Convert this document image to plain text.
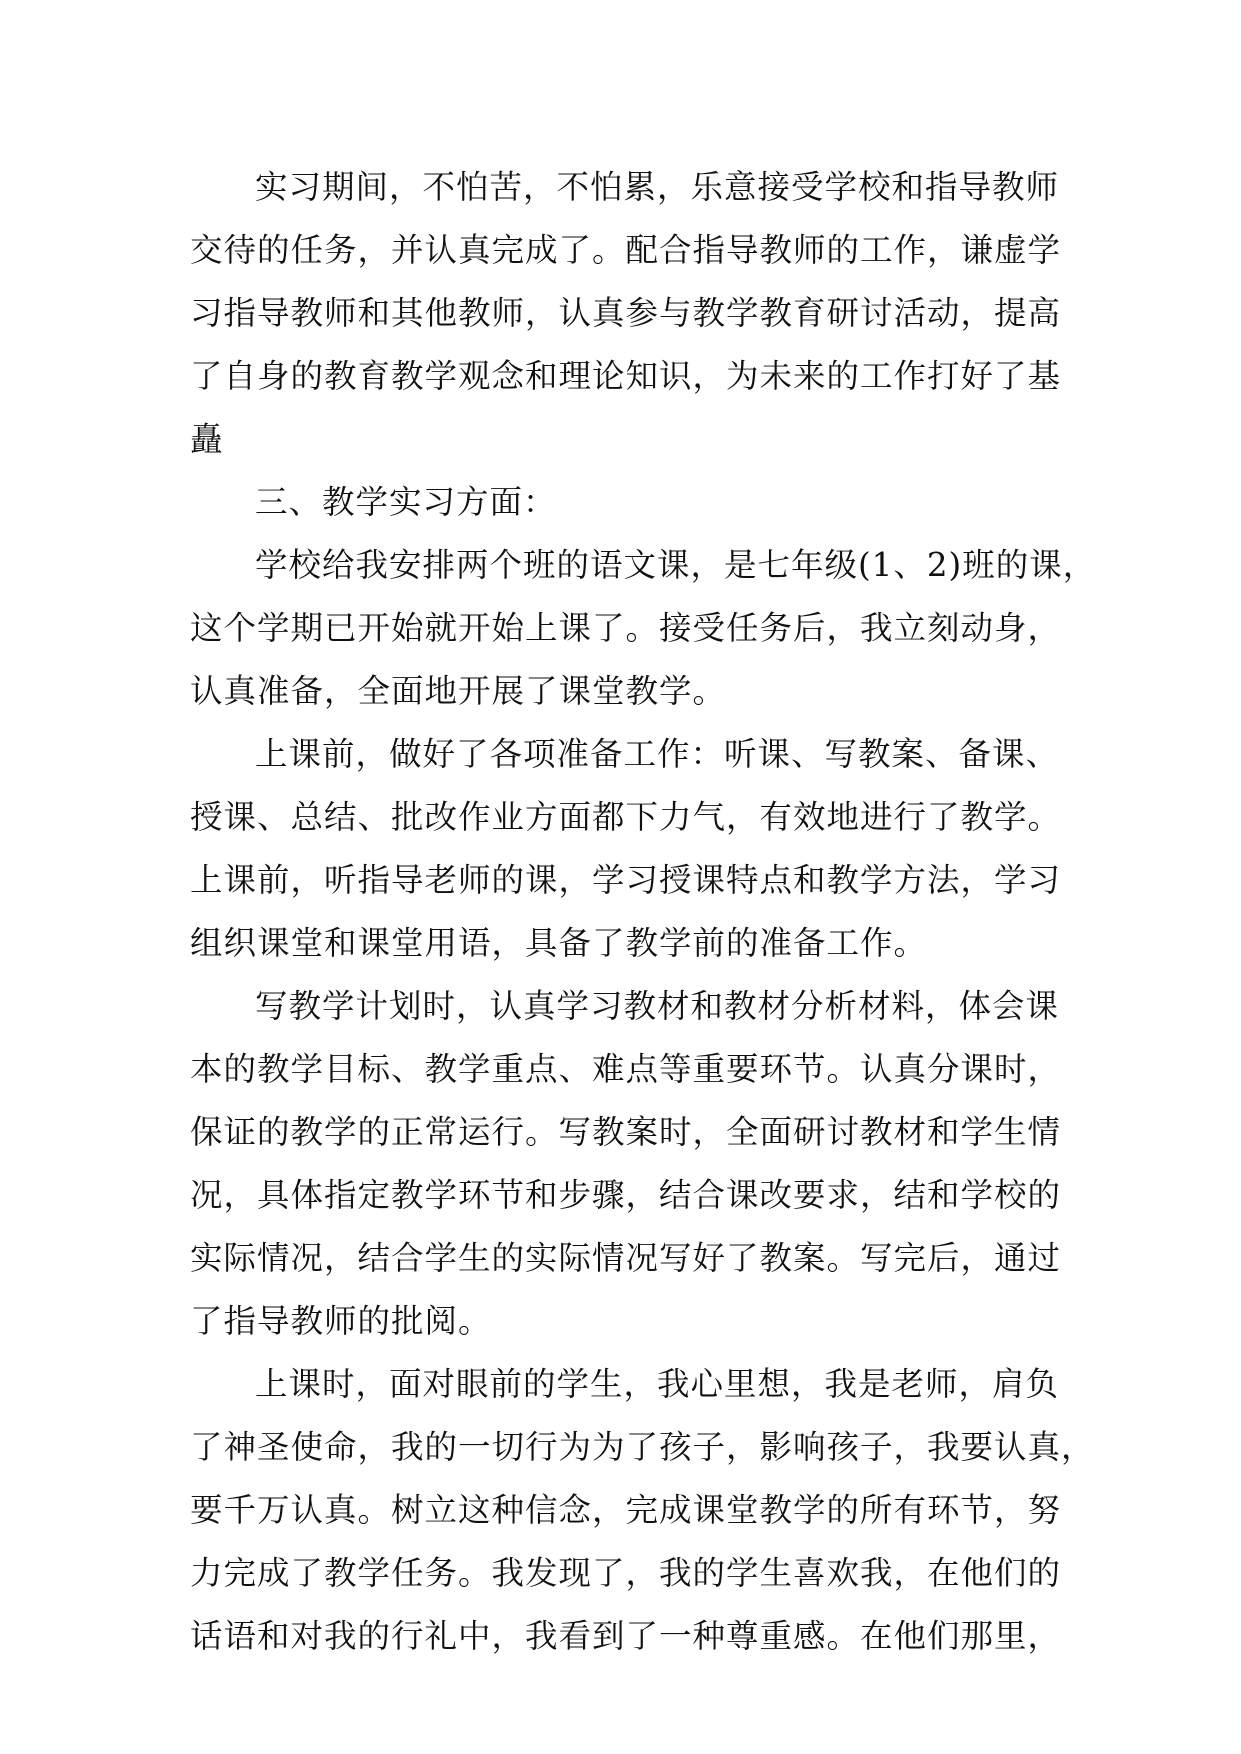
实习期间，不怕苦，不怕累，乐意接受学校和指导教师
交待的任务，并认真完成了。配合指导教师的工作，谦虚学
习指导教师和其他教师，认真参与教学教育研讨活动，提高
了自身的教育教学观念和理论知识，为未来的工作打好了基
矗
三、教学实习方面：
学校给我安排两个班的语文课，是七年级(1、2)班的课，
这个学期已开始就开始上课了。接受任务后，我立刻动身，
认真准备，全面地开展了课堂教学。
上课前，做好了各项准备工作：听课、写教案、备课、
授课、总结、批改作业方面都下力气，有效地进行了教学。
上课前，听指导老师的课，学习授课特点和教学方法，学习
组织课堂和课堂用语，具备了教学前的准备工作。
写教学计划时，认真学习教材和教材分析材料，体会课
本的教学目标、教学重点、难点等重要环节。认真分课时，
保证的教学的正常运行。写教案时，全面研讨教材和学生情
况，具体指定教学环节和步骤，结合课改要求，结和学校的
实际情况，结合学生的实际情况写好了教案。写完后，通过
了指导教师的批阅。
上课时，面对眼前的学生，我心里想，我是老师，肩负
了神圣使命，我的一切行为为了孩子，影响孩子，我要认真，
要千万认真。树立这种信念，完成课堂教学的所有环节，努
力完成了教学任务。我发现了，我的学生喜欢我，在他们的
话语和对我的行礼中，我看到了一种尊重感。在他们那里，
